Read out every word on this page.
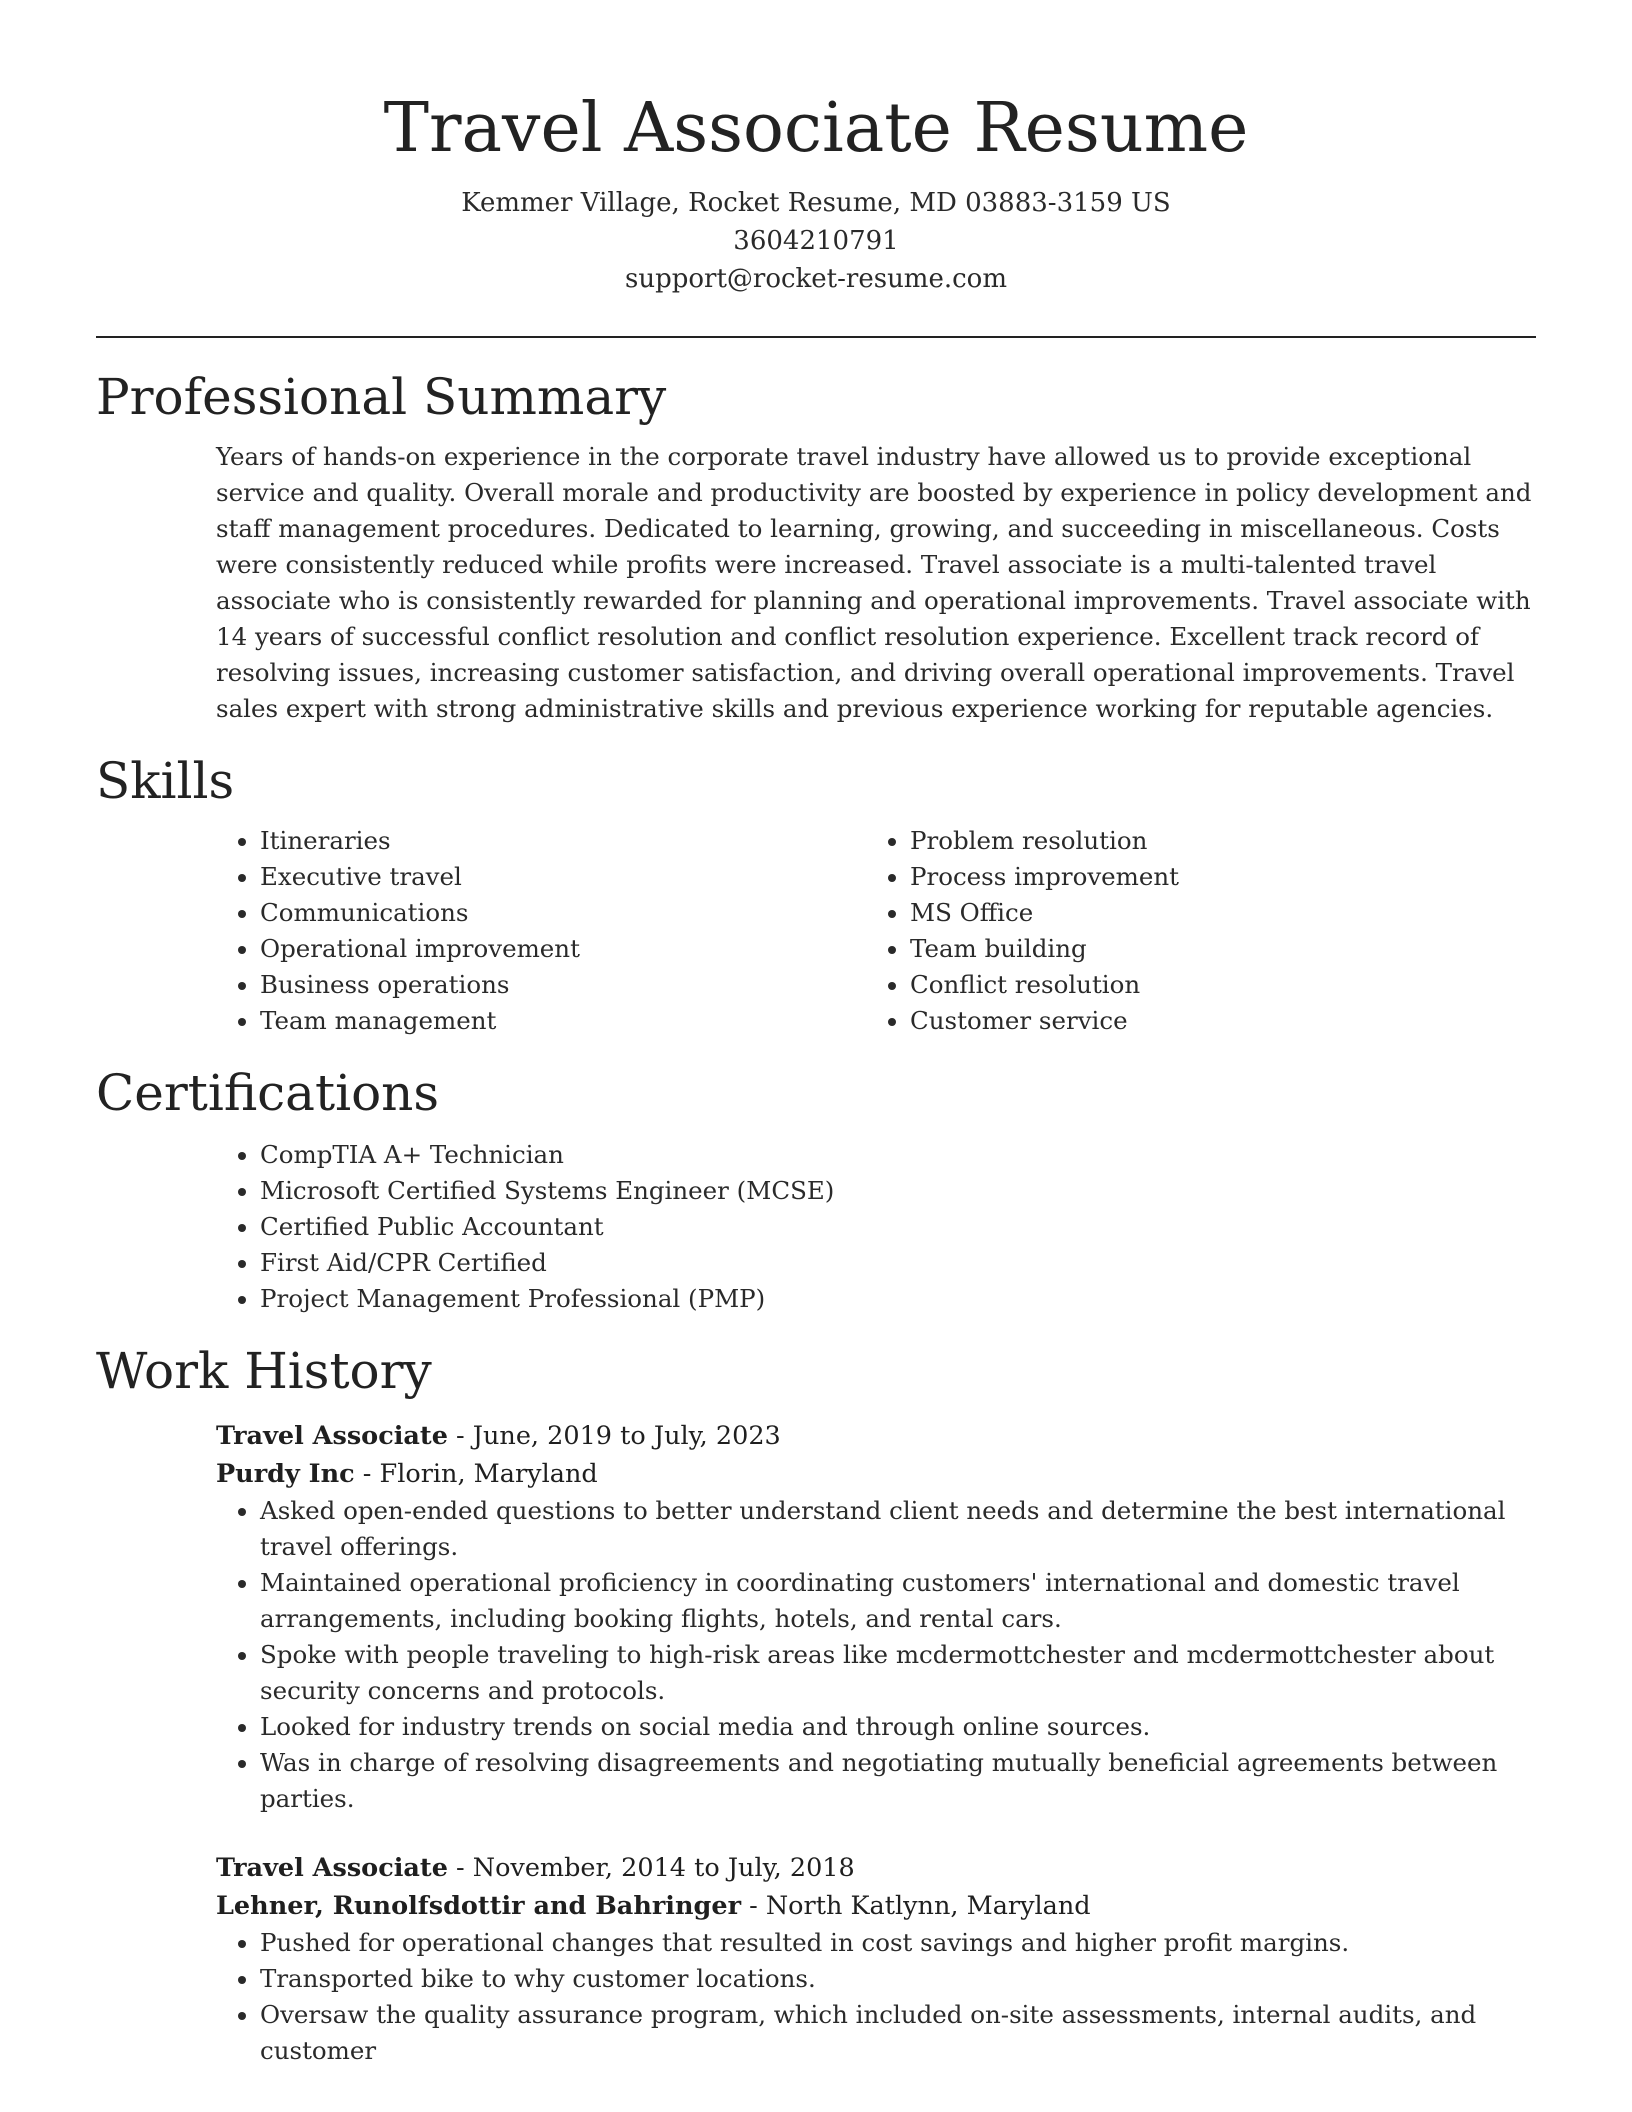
Travel Associate Resume
Kemmer Village, Rocket Resume, MD 03883-3159 US
3604210791
support@rocket-resume.com
Professional Summary

Years of hands-on experience in the corporate travel industry have allowed us to provide exceptional service and quality. Overall morale and productivity are boosted by experience in policy development and staff management procedures. Dedicated to learning, growing, and succeeding in miscellaneous. Costs were consistently reduced while profits were increased. Travel associate is a multi-talented travel associate who is consistently rewarded for planning and operational improvements. Travel associate with 14 years of successful conflict resolution and conflict resolution experience. Excellent track record of resolving issues, increasing customer satisfaction, and driving overall operational improvements. Travel sales expert with strong administrative skills and previous experience working for reputable agencies.

Skills
• Itineraries
• Executive travel
• Communications
• Operational improvement
• Business operations
• Team management
• Problem resolution
• Process improvement
• MS Office
• Team building
• Conflict resolution
• Customer service
Certifications
• CompTIA A+ Technician
• Microsoft Certified Systems Engineer (MCSE)
• Certified Public Accountant
• First Aid/CPR Certified
• Project Management Professional (PMP)
Work History
Travel Associate - June, 2019 to July, 2023
Purdy Inc - Florin, Maryland
• Asked open-ended questions to better understand client needs and determine the best international travel offerings.
• Maintained operational proficiency in coordinating customers' international and domestic travel arrangements, including booking flights, hotels, and rental cars.
• Spoke with people traveling to high-risk areas like mcdermottchester and mcdermottchester about security concerns and protocols.
• Looked for industry trends on social media and through online sources.
• Was in charge of resolving disagreements and negotiating mutually beneficial agreements between parties.
Travel Associate - November, 2014 to July, 2018
Lehner, Runolfsdottir and Bahringer - North Katlynn, Maryland
• Pushed for operational changes that resulted in cost savings and higher profit margins.
• Transported bike to why customer locations.
• Oversaw the quality assurance program, which included on-site assessments, internal audits, and customer
